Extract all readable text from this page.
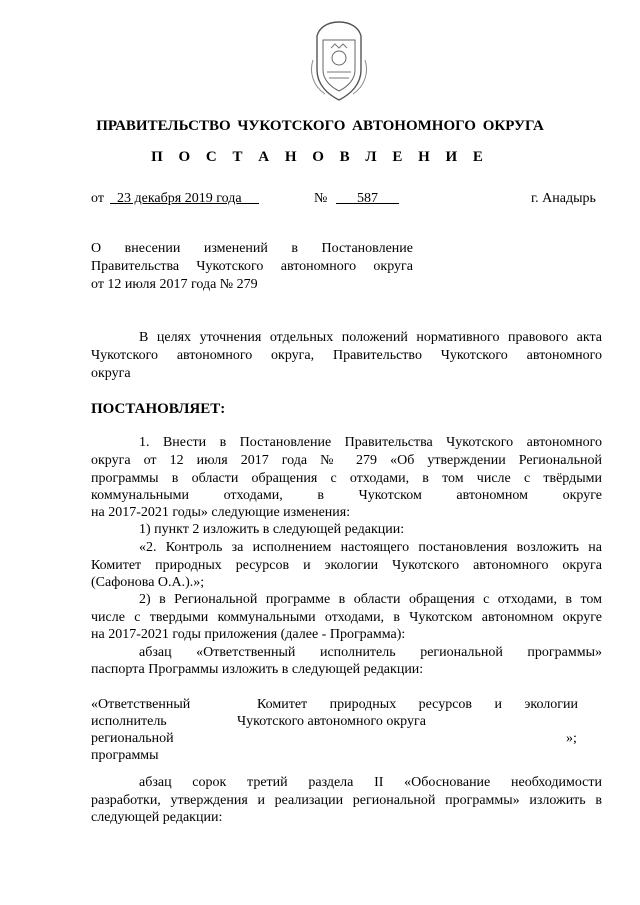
ПРАВИТЕЛЬСТВО ЧУКОТСКОГО АВТОНОМНОГО ОКРУГА
П О С Т А Н О В Л Е Н И Е
от 23 декабря 2019 года	№	587	г. Анадырь
О внесении изменений в Постановление
Правительства Чукотского автономного округа
от 12 июля 2017 года № 279
В целях уточнения отдельных положений нормативного правового акта
Чукотского автономного округа, Правительство Чукотского автономного
округа
ПОСТАНОВЛЯЕТ:
1. Внести в Постановление Правительства Чукотского автономного
округа от 12 июля 2017 года № 279 «Об утверждении Региональной
программы в области обращения с отходами, в том числе с твёрдыми
коммунальными отходами, в Чукотском автономном округе
на 2017-2021 годы» следующие изменения:
1) пункт 2 изложить в следующей редакции:
«2. Контроль за исполнением настоящего постановления возложить на
Комитет природных ресурсов и экологии Чукотского автономного округа
(Сафонова О.А.).»;
2) в Региональной программе в области обращения с отходами, в том
числе с твердыми коммунальными отходами, в Чукотском автономном округе
на 2017-2021 годы приложения (далее - Программа):
абзац «Ответственный исполнитель региональной программы»
паспорта Программы изложить в следующей редакции:
«Ответственный
исполнитель
региональной
программы
Комитет природных ресурсов и экологии
Чукотского автономного округа
»;
абзац сорок третий раздела II «Обоснование необходимости
разработки, утверждения и реализации региональной программы» изложить в
следующей редакции:
